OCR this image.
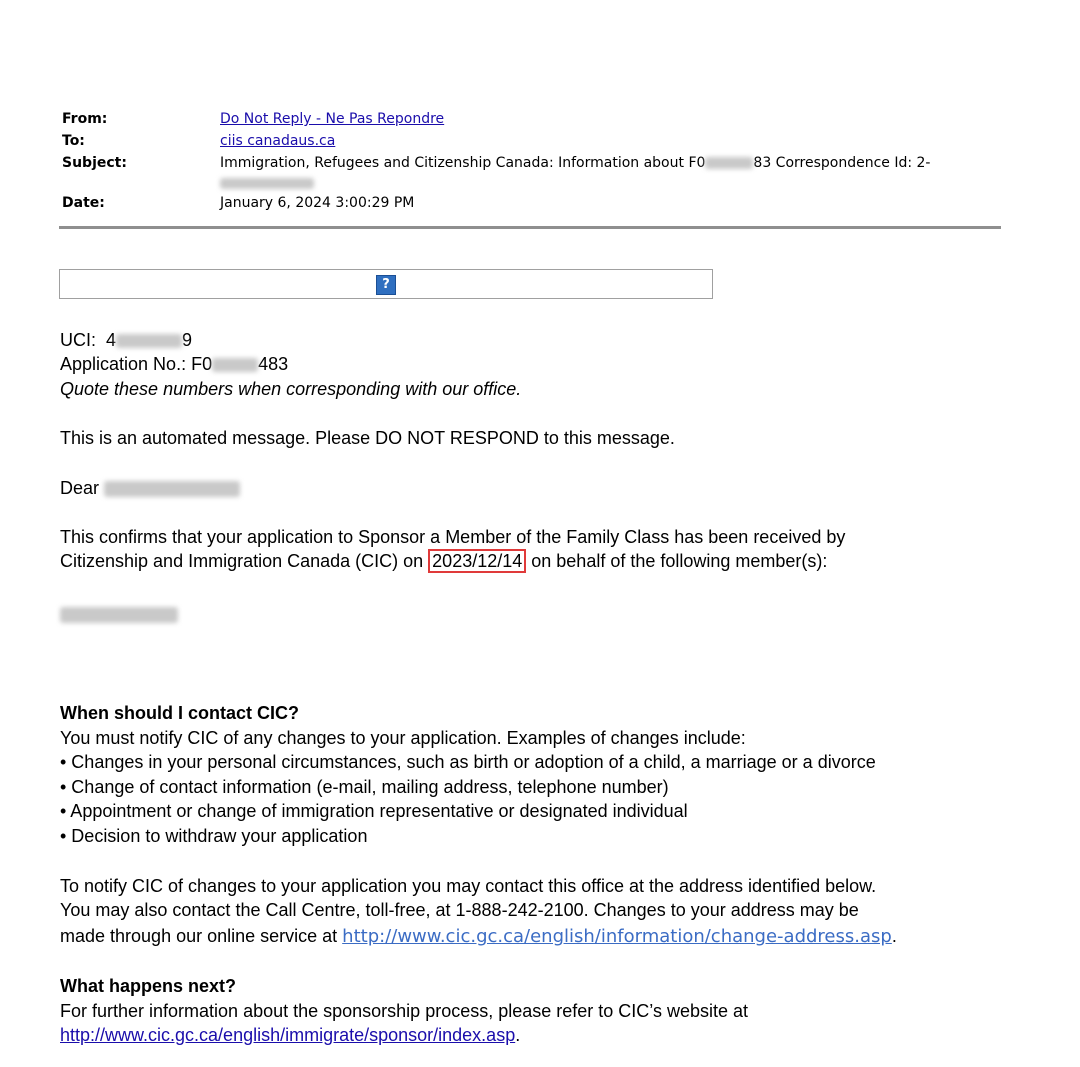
From:	Do Not Reply - Ne Pas Repondre
To:	ciis canadaus.ca
Subject:	Immigration, Refugees and Citizenship Canada: Information about F0	83 Correspondence Id: 2-
Date:	January 6, 2024 3:00:29 PM
?
UCI: 4	9
Application No.: F0	483
Quote these numbers when corresponding with our office.
This is an automated message. Please DO NOT RESPOND to this message.
Dear
This confirms that your application to Sponsor a Member of the Family Class has been received by
Citizenship and Immigration Canada (CIC) on 2023/12/14 on behalf of the following member(s):
When should I contact CIC?
You must notify CIC of any changes to your application. Examples of changes include:
• Changes in your personal circumstances, such as birth or adoption of a child, a marriage or a divorce
• Change of contact information (e-mail, mailing address, telephone number)
• Appointment or change of immigration representative or designated individual
• Decision to withdraw your application
To notify CIC of changes to your application you may contact this office at the address identified below.
You may also contact the Call Centre, toll-free, at 1-888-242-2100. Changes to your address may be
made through our online service at http://www.cic.gc.ca/english/information/change-address.asp.
What happens next?
For further information about the sponsorship process, please refer to CIC’s website at
http://www.cic.gc.ca/english/immigrate/sponsor/index.asp.
